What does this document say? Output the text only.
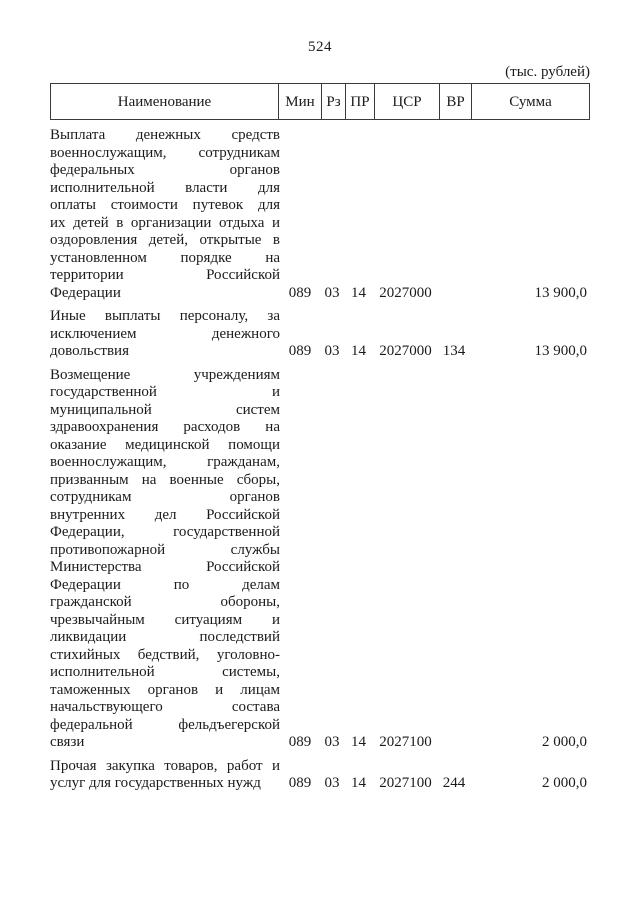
524
(тыс. рублей)
Наименование	Мин Рз ПР	ЦСР	ВР	Сумма
Выплата денежных средств
военнослужащим, сотрудникам
федеральных органов
исполнительной власти для
оплаты стоимости путевок для
их детей в организации отдыха и
оздоровления детей, открытые в
установленном порядке на
территории Российской
Федерации	089 03 14 2027000	13 900,0
Иные выплаты персоналу, за
исключением денежного
довольствия	089 03 14 2027000 134	13 900,0
Возмещение учреждениям
государственной и
муниципальной систем
здравоохранения расходов на
оказание медицинской помощи
военнослужащим, гражданам,
призванным на военные сборы,
сотрудникам органов
внутренних дел Российской
Федерации, государственной
противопожарной службы
Министерства Российской
Федерации по делам
гражданской обороны,
чрезвычайным ситуациям и
ликвидации последствий
стихийных бедствий, уголовно-
исполнительной системы,
таможенных органов и лицам
начальствующего состава
федеральной фельдъегерской
связи	089 03 14 2027100	2 000,0
Прочая закупка товаров, работ и
услуг для государственных нужд	089 03 14 2027100 244	2 000,0
